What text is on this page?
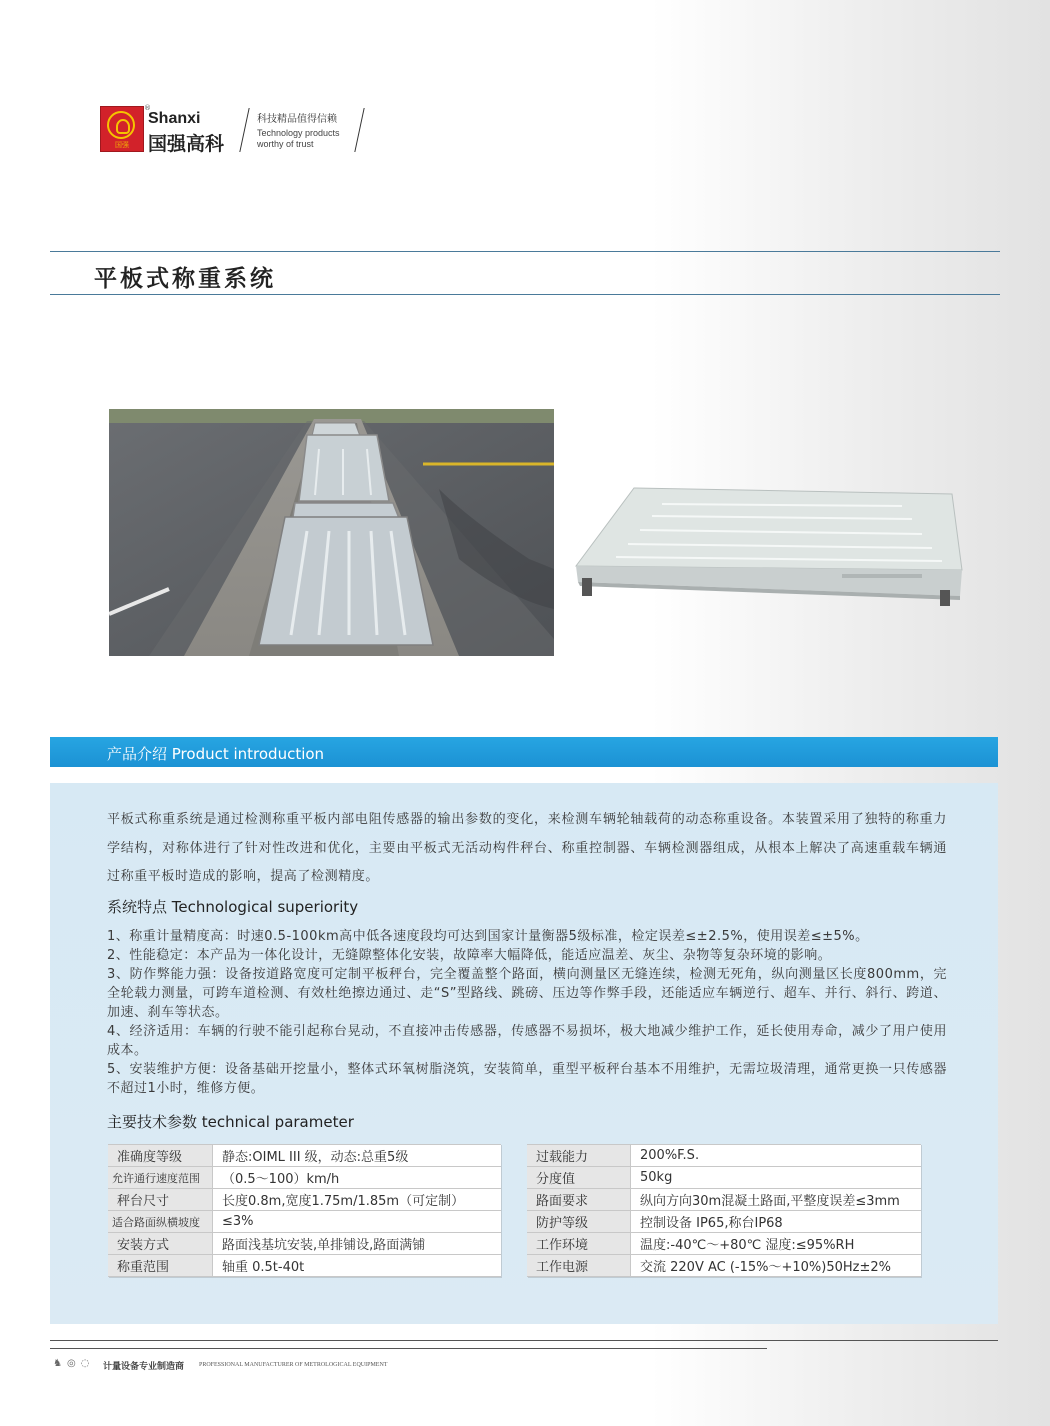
国强
®
Shanxi
国强高科
科技精品值得信赖
Technology products
worthy of trust
平板式称重系统
产品介绍 Product introduction
平板式称重系统是通过检测称重平板内部电阻传感器的输出参数的变化，来检测车辆轮轴载荷的动态称重设备。本装置采用了独特的称重力学结构，对称体进行了针对性改进和优化，主要由平板式无活动构件秤台、称重控制器、车辆检测器组成，从根本上解决了高速重载车辆通过称重平板时造成的影响，提高了检测精度。
系统特点 Technological superiority
1、称重计量精度高：时速0.5-100km高中低各速度段均可达到国家计量衡器5级标准，检定误差≤±2.5%，使用误差≤±5%。
2、性能稳定：本产品为一体化设计，无缝隙整体化安装，故障率大幅降低，能适应温差、灰尘、杂物等复杂环境的影响。
3、防作弊能力强：设备按道路宽度可定制平板秤台，完全覆盖整个路面，横向测量区无缝连续，检测无死角，纵向测量区长度800mm，完全轮载力测量，可跨车道检测、有效杜绝擦边通过、走“S”型路线、跳磅、压边等作弊手段，还能适应车辆逆行、超车、并行、斜行、跨道、加速、刹车等状态。
4、经济适用：车辆的行驶不能引起称台晃动，不直接冲击传感器，传感器不易损坏，极大地减少维护工作，延长使用寿命，减少了用户使用成本。
5、安装维护方便：设备基础开挖量小，整体式环氧树脂浇筑，安装简单，重型平板秤台基本不用维护，无需垃圾清理，通常更换一只传感器不超过1小时，维修方便。
主要技术参数 technical parameter
准确度等级	静态:OIML III 级，动态:总重5级
允许通行速度范围	（0.5～100）km/h
秤台尺寸	长度0.8m,宽度1.75m/1.85m（可定制）
适合路面纵横坡度	≤3%
安装方式	路面浅基坑安装,单排铺设,路面满铺
称重范围	轴重 0.5t-40t
过载能力	200%F.S.
分度值	50kg
路面要求	纵向方向30m混凝土路面,平整度误差≤3mm
防护等级	控制设备 IP65,称台IP68
工作环境	温度:-40℃～+80℃ 湿度:≤95%RH
工作电源	交流 220V AC (-15%～+10%)50Hz±2%
♞◎◌ 计量设备专业制造商 PROFESSIONAL MANUFACTURER OF METROLOGICAL EQUIPMENT
